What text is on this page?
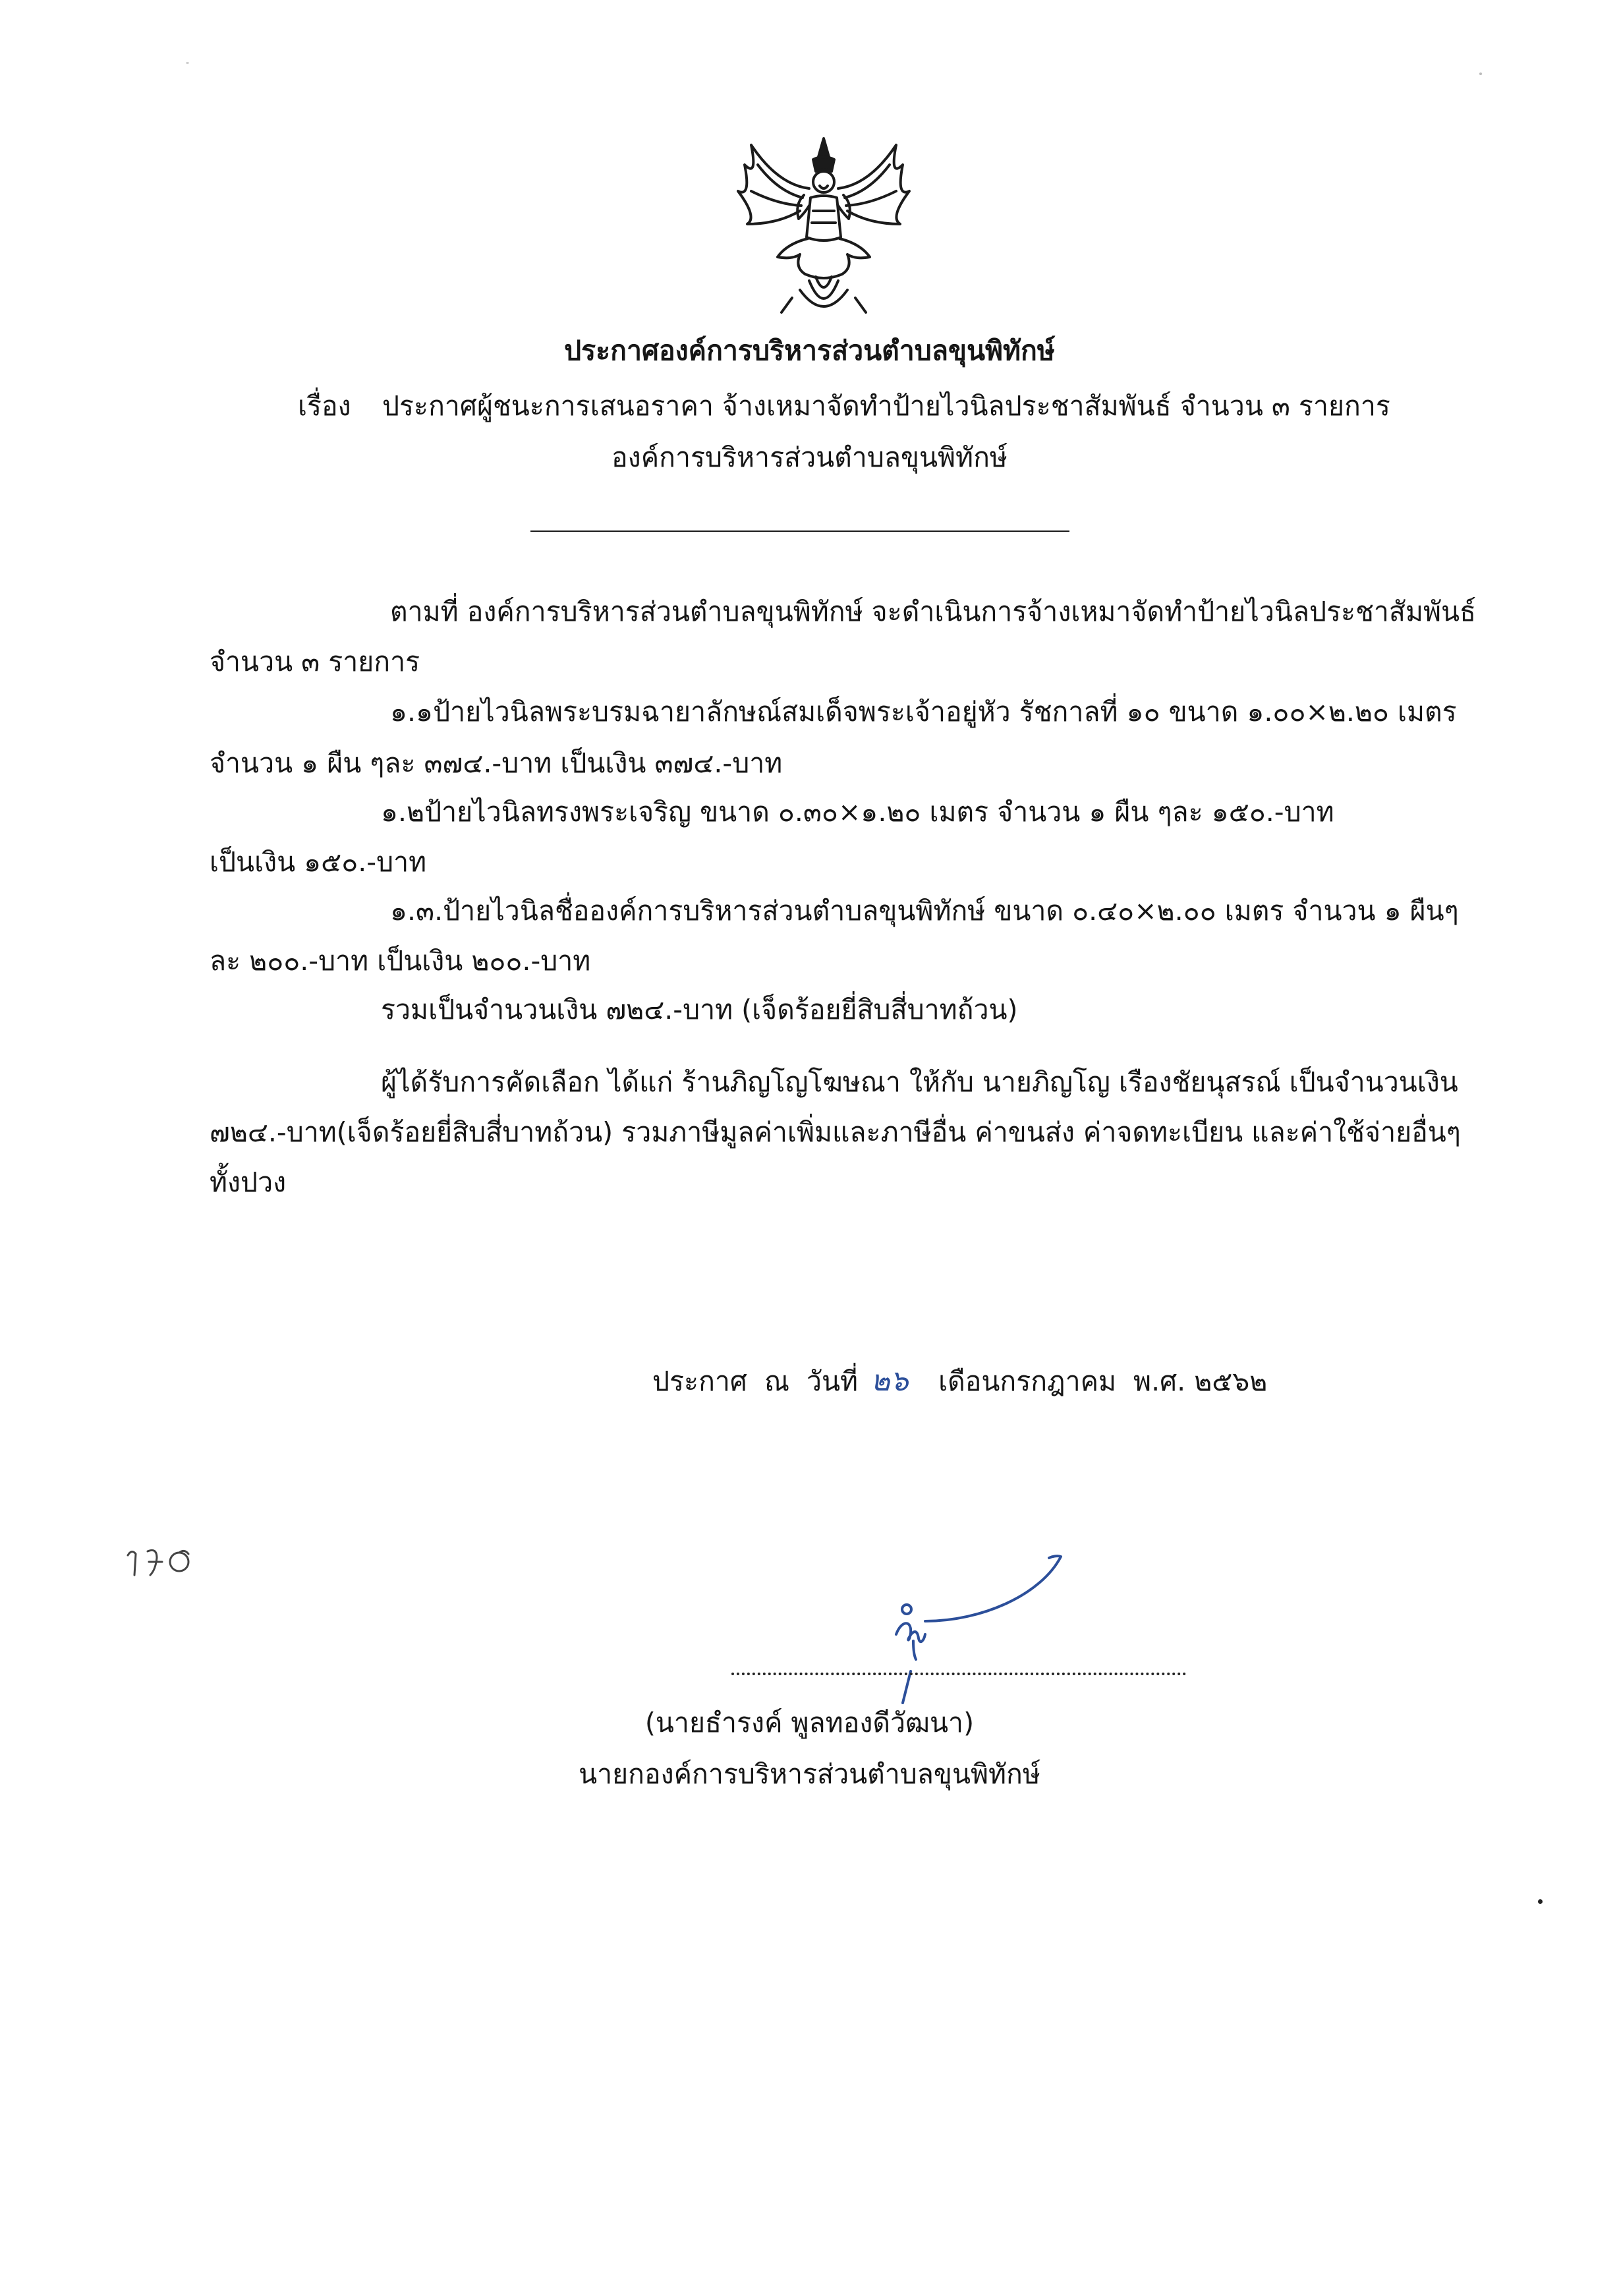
ประกาศองค์การบริหารส่วนตำบลขุนพิทักษ์
เรื่อง ประกาศผู้ชนะการเสนอราคา จ้างเหมาจัดทำป้ายไวนิลประชาสัมพันธ์ จำนวน ๓ รายการ
องค์การบริหารส่วนตำบลขุนพิทักษ์
ตามที่ องค์การบริหารส่วนตำบลขุนพิทักษ์ จะดำเนินการจ้างเหมาจัดทำป้ายไวนิลประชาสัมพันธ์
จำนวน ๓ รายการ
๑.๑ป้ายไวนิลพระบรมฉายาลักษณ์สมเด็จพระเจ้าอยู่หัว รัชกาลที่ ๑๐ ขนาด ๑.๐๐×๒.๒๐ เมตร
จำนวน ๑ ผืน ๆละ ๓๗๔.-บาท เป็นเงิน ๓๗๔.-บาท
๑.๒ป้ายไวนิลทรงพระเจริญ ขนาด ๐.๓๐×๑.๒๐ เมตร จำนวน ๑ ผืน ๆละ ๑๕๐.-บาท
เป็นเงิน ๑๕๐.-บาท
๑.๓.ป้ายไวนิลชื่อองค์การบริหารส่วนตำบลขุนพิทักษ์ ขนาด ๐.๔๐×๒.๐๐ เมตร จำนวน ๑ ผืนๆ
ละ ๒๐๐.-บาท เป็นเงิน ๒๐๐.-บาท
รวมเป็นจำนวนเงิน ๗๒๔.-บาท (เจ็ดร้อยยี่สิบสี่บาทถ้วน)
ผู้ได้รับการคัดเลือก ได้แก่ ร้านภิญโญโฆษณา ให้กับ นายภิญโญ เรืองชัยนุสรณ์ เป็นจำนวนเงิน
๗๒๔.-บาท(เจ็ดร้อยยี่สิบสี่บาทถ้วน) รวมภาษีมูลค่าเพิ่มและภาษีอื่น ค่าขนส่ง ค่าจดทะเบียน และค่าใช้จ่ายอื่นๆ
ทั้งปวง
ประกาศ ณ วันที่ ๒๖ เดือนกรกฎาคม พ.ศ. ๒๕๖๒
(นายธำรงค์ พูลทองดีวัฒนา)
นายกองค์การบริหารส่วนตำบลขุนพิทักษ์
